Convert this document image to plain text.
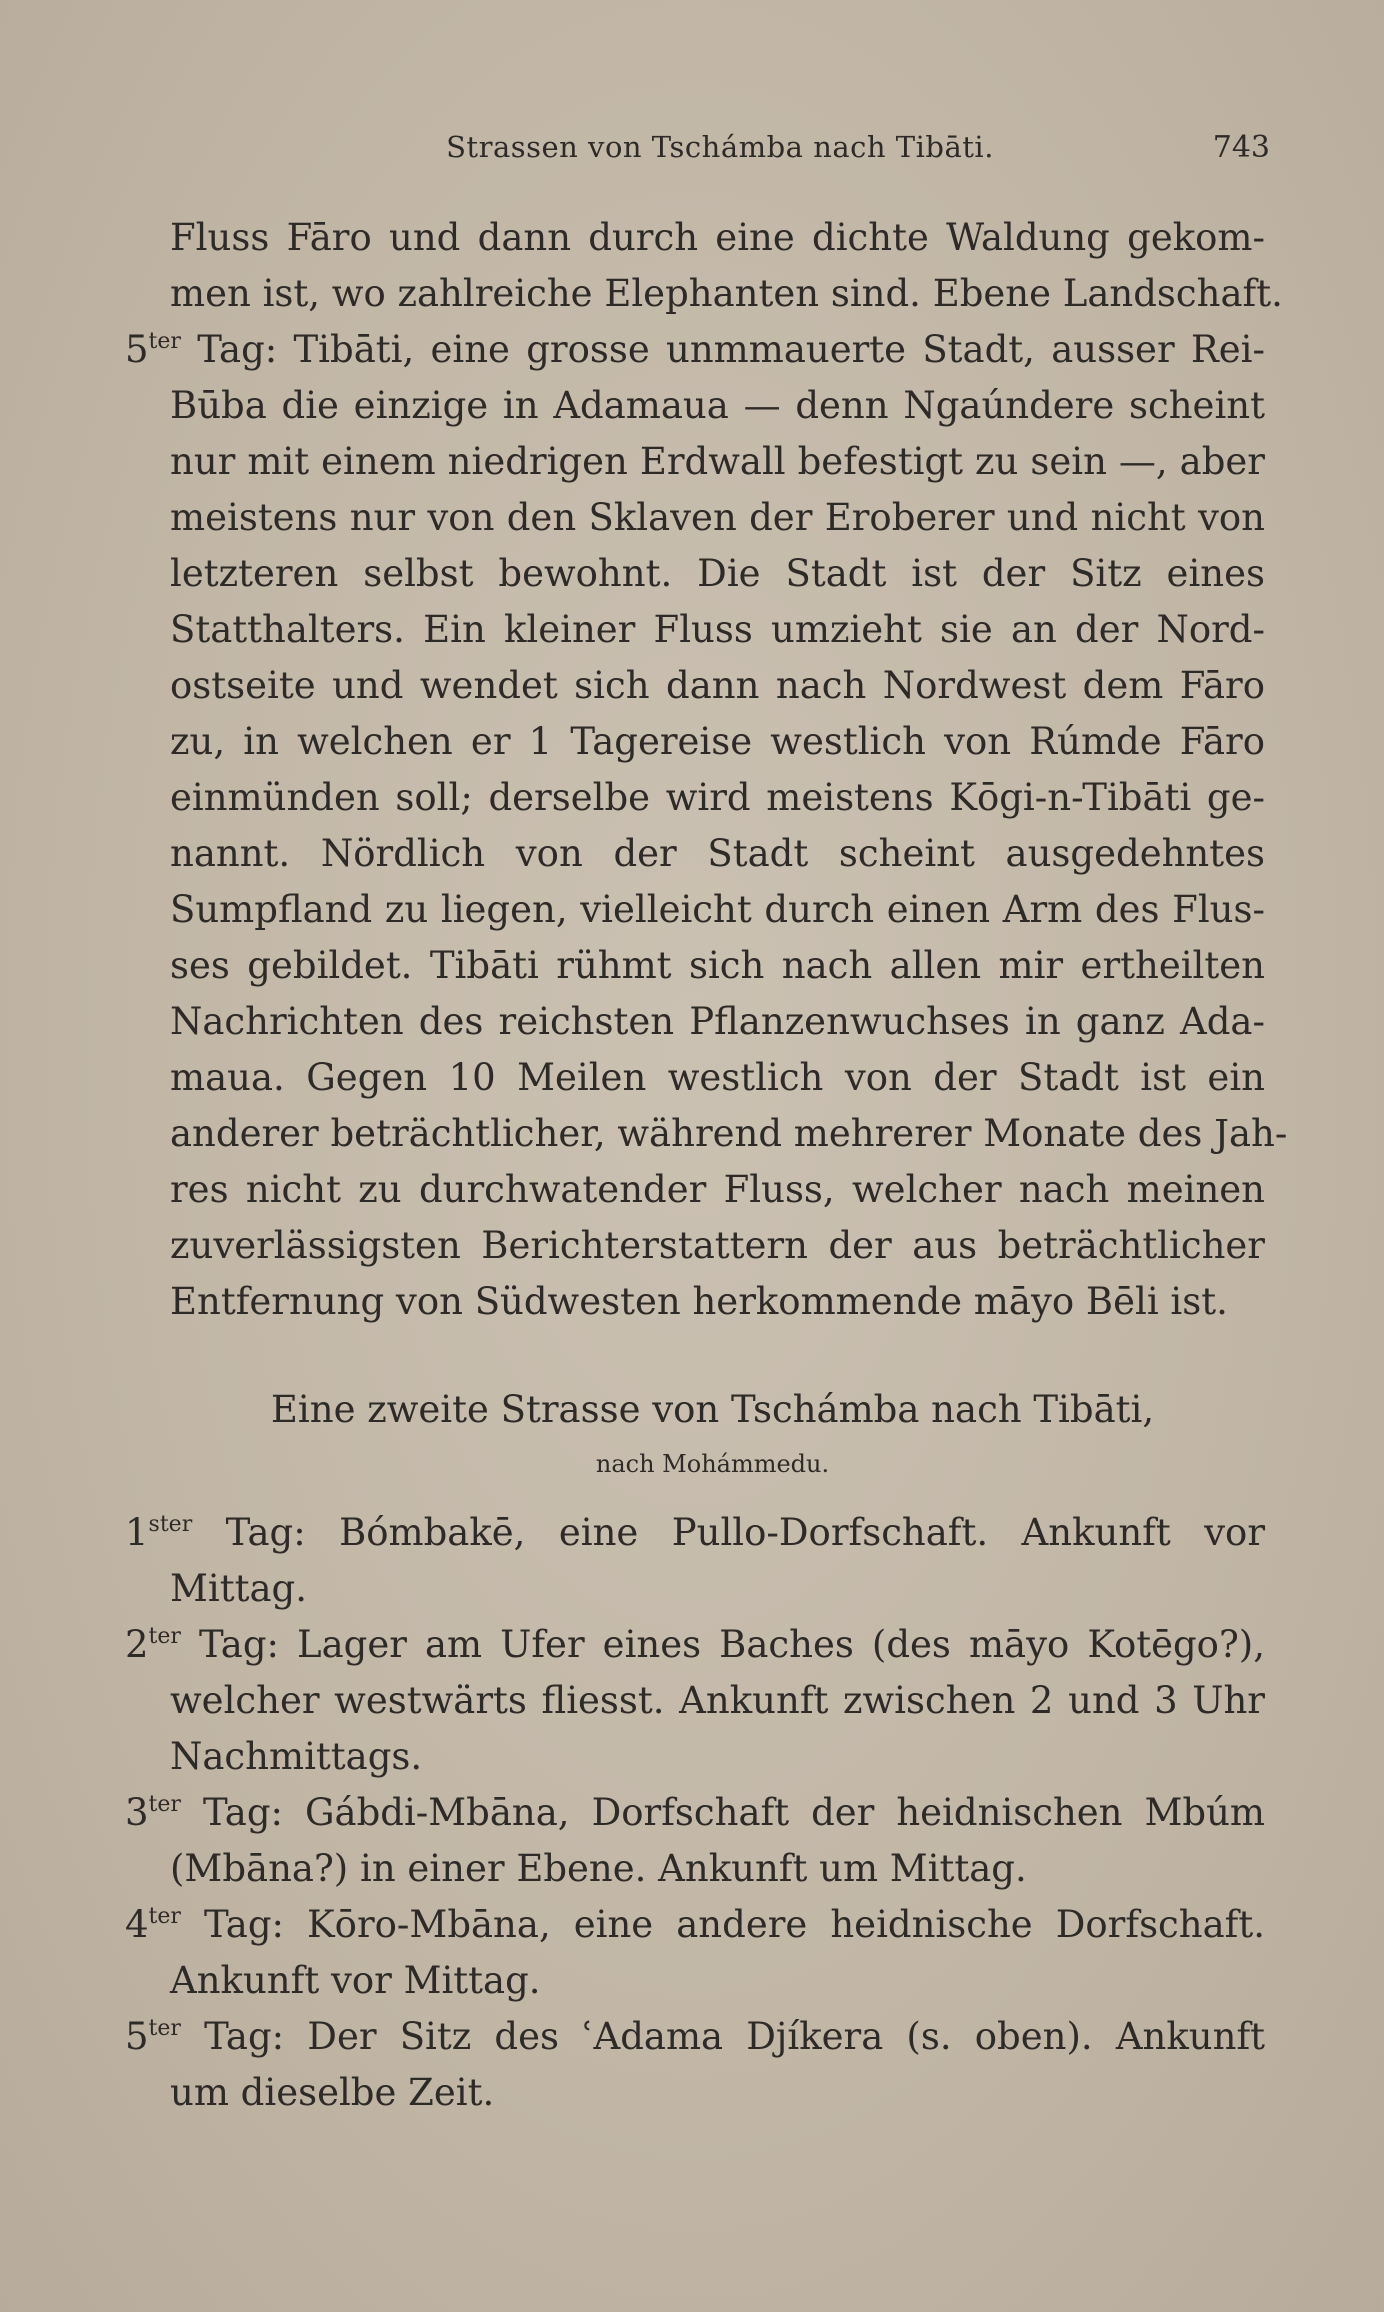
Strassen von Tschámba nach Tibāti.	743
Fluss Fāro und dann durch eine dichte Waldung gekom-
men ist, wo zahlreiche Elephanten sind. Ebene Landschaft.
$5^{ter}$ Tag: Tibāti, eine grosse unmmauerte Stadt, ausser Rei-
Būba die einzige in Adamaua — denn Ngaúndere scheint
nur mit einem niedrigen Erdwall befestigt zu sein —, aber
meistens nur von den Sklaven der Eroberer und nicht von
letzteren selbst bewohnt. Die Stadt ist der Sitz eines
Statthalters. Ein kleiner Fluss umzieht sie an der Nord-
ostseite und wendet sich dann nach Nordwest dem Fāro
zu, in welchen er 1 Tagereise westlich von Rúmde Fāro
einmünden soll; derselbe wird meistens Kōgi-n-Tibāti ge-
nannt. Nördlich von der Stadt scheint ausgedehntes
Sumpfland zu liegen, vielleicht durch einen Arm des Flus-
ses gebildet. Tibāti rühmt sich nach allen mir ertheilten
Nachrichten des reichsten Pflanzenwuchses in ganz Ada-
maua. Gegen 10 Meilen westlich von der Stadt ist ein
anderer beträchtlicher, während mehrerer Monate des Jah-
res nicht zu durchwatender Fluss, welcher nach meinen
zuverlässigsten Berichterstattern der aus beträchtlicher
Entfernung von Südwesten herkommende māyo Bēli ist.
Eine zweite Strasse von Tschámba nach Tibāti,
nach Mohámmedu.
$1^{ster}$ Tag: Bómbakē, eine Pullo-Dorfschaft. Ankunft vor
Mittag.
$2^{ter}$ Tag: Lager am Ufer eines Baches (des māyo Kotēgo?),
welcher westwärts fliesst. Ankunft zwischen 2 und 3 Uhr
Nachmittags.
$3^{ter}$ Tag: Gábdi-Mbāna, Dorfschaft der heidnischen Mbúm
(Mbāna?) in einer Ebene. Ankunft um Mittag.
$4^{ter}$ Tag: Kōro-Mbāna, eine andere heidnische Dorfschaft.
Ankunft vor Mittag.
$5^{ter}$ Tag: Der Sitz des ʿAdama Djíkera (s. oben). Ankunft
um dieselbe Zeit.
